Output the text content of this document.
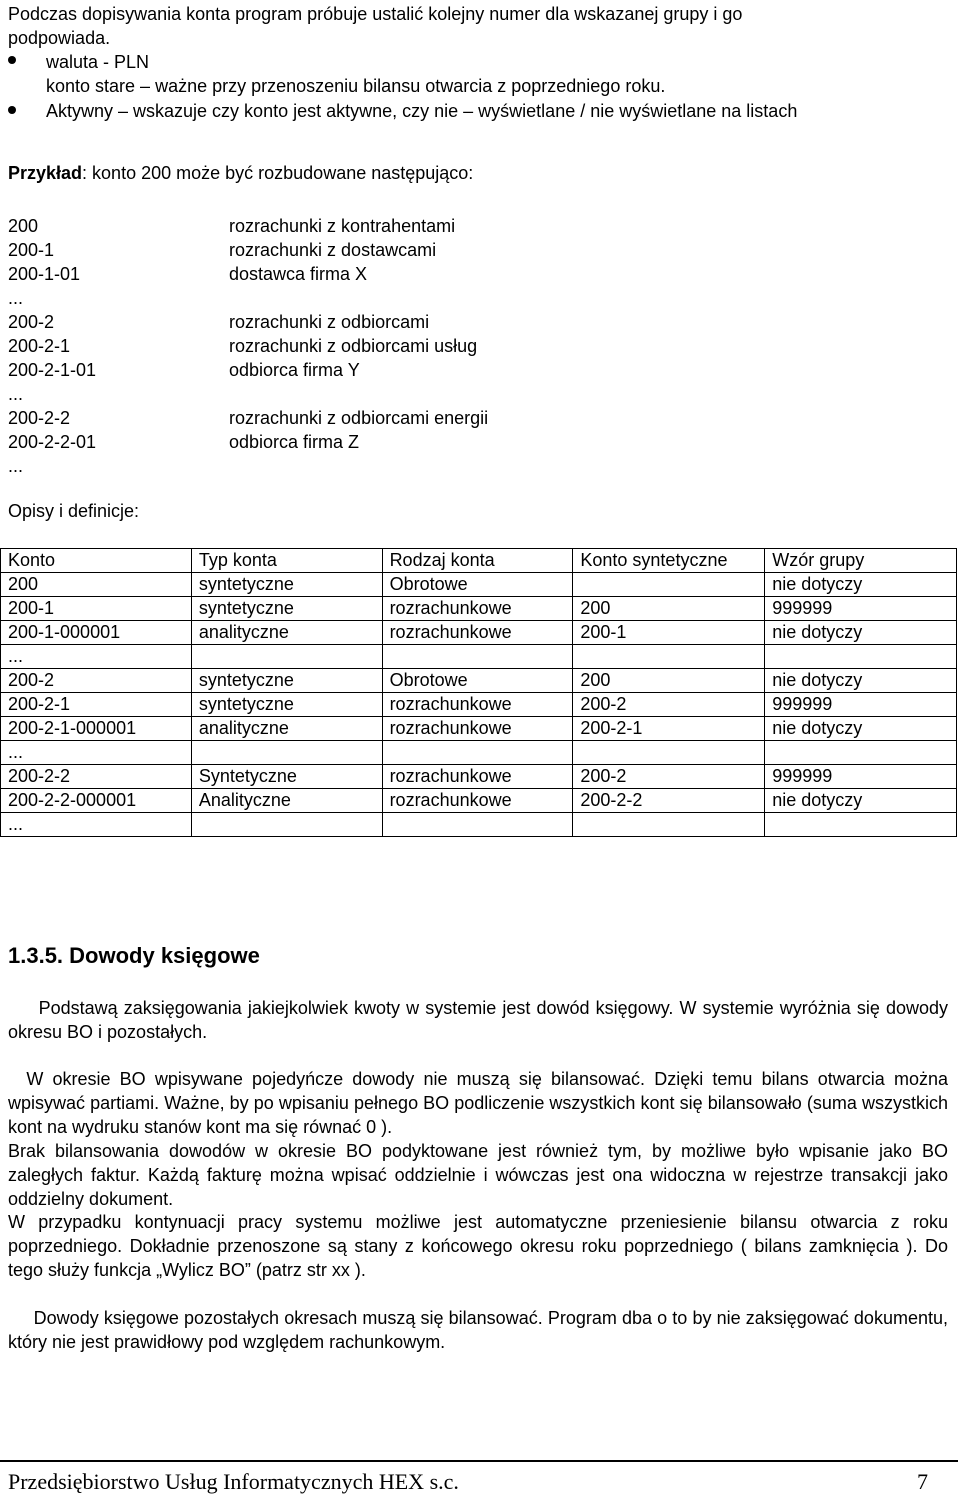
Podczas dopisywania konta program próbuje ustalić kolejny numer dla wskazanej grupy i go
podpowiada.
waluta - PLN
konto stare – ważne przy przenoszeniu bilansu otwarcia z poprzedniego roku.
Aktywny – wskazuje czy konto jest aktywne, czy nie – wyświetlane / nie wyświetlane na listach
Przykład: konto 200 może być rozbudowane następująco:
200	rozrachunki z kontrahentami
200-1	rozrachunki z dostawcami
200-1-01	dostawca firma X
...
200-2	rozrachunki z odbiorcami
200-2-1	rozrachunki z odbiorcami usług
200-2-1-01	odbiorca firma Y
...
200-2-2	rozrachunki z odbiorcami energii
200-2-2-01	odbiorca firma Z
...
Opisy i definicje:
Konto	Typ konta	Rodzaj konta	Konto syntetyczne	Wzór grupy
200	syntetyczne	Obrotowe		nie dotyczy
200-1	syntetyczne	rozrachunkowe	200	999999
200-1-000001	analityczne	rozrachunkowe	200-1	nie dotyczy
...				
200-2	syntetyczne	Obrotowe	200	nie dotyczy
200-2-1	syntetyczne	rozrachunkowe	200-2	999999
200-2-1-000001	analityczne	rozrachunkowe	200-2-1	nie dotyczy
...				
200-2-2	Syntetyczne	rozrachunkowe	200-2	999999
200-2-2-000001	Analityczne	rozrachunkowe	200-2-2	nie dotyczy
...				
1.3.5. Dowody księgowe
Podstawą zaksięgowania jakiejkolwiek kwoty w systemie jest dowód księgowy. W systemie wyróżnia się dowody okresu BO i pozostałych.
W okresie BO wpisywane pojedyńcze dowody nie muszą się bilansować. Dzięki temu bilans otwarcia można wpisywać partiami. Ważne, by po wpisaniu pełnego BO podliczenie wszystkich kont się bilansowało (suma wszystkich kont na wydruku stanów kont ma się równać 0 ).
Brak bilansowania dowodów w okresie BO podyktowane jest również tym, by możliwe było wpisanie jako BO zaległych faktur. Każdą fakturę można wpisać oddzielnie i wówczas jest ona widoczna w rejestrze transakcji jako oddzielny dokument.
W przypadku kontynuacji pracy systemu możliwe jest automatyczne przeniesienie bilansu otwarcia z roku poprzedniego. Dokładnie przenoszone są stany z końcowego okresu roku poprzedniego ( bilans zamknięcia ). Do tego służy funkcja „Wylicz BO” (patrz str xx ).
Dowody księgowe pozostałych okresach muszą się bilansować. Program dba o to by nie zaksięgować dokumentu, który nie jest prawidłowy pod względem rachunkowym.
Przedsiębiorstwo Usług Informatycznych HEX s.c.	7
